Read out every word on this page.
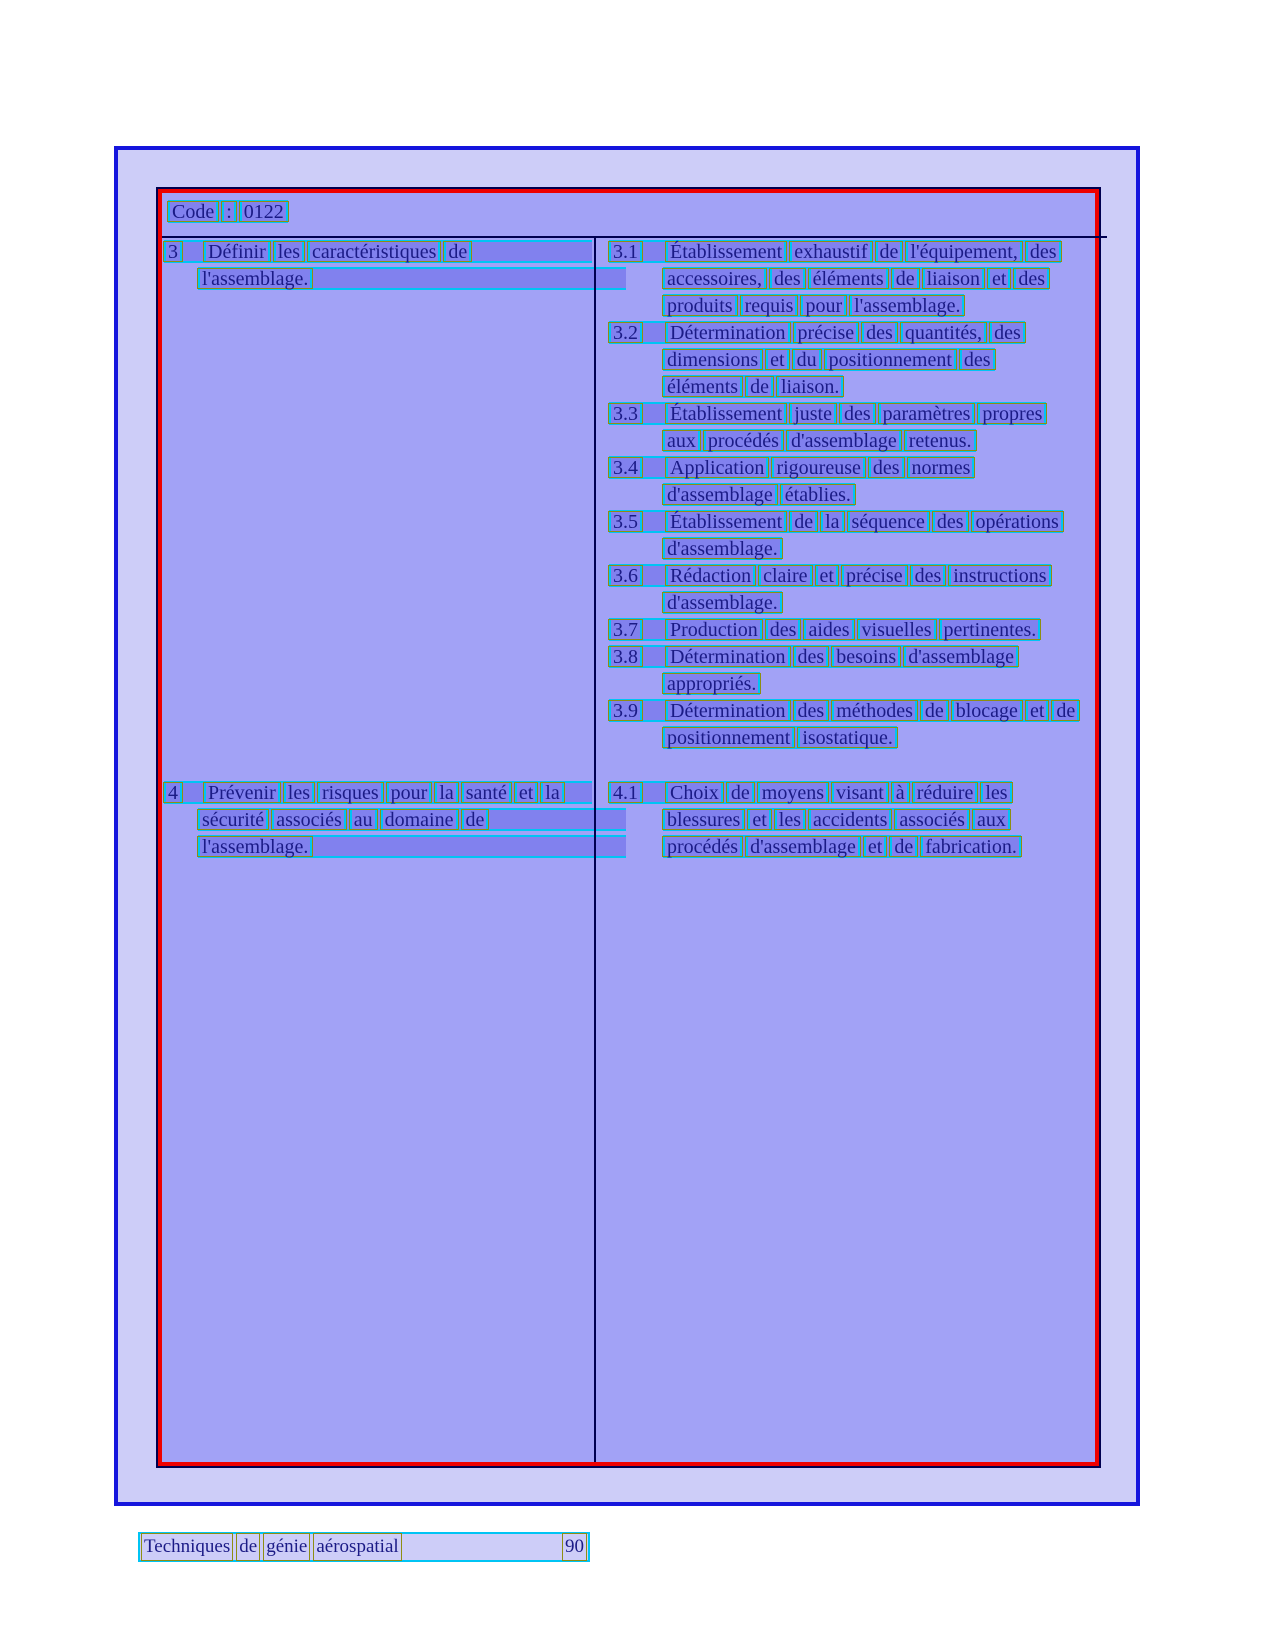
Code : 0122
3 Définir les caractéristiques de
l'assemblage.
3.1 Établissement exhaustif de l'équipement, des
accessoires, des éléments de liaison et des
produits requis pour l'assemblage.
3.2 Détermination précise des quantités, des
dimensions et du positionnement des
éléments de liaison.
3.3 Établissement juste des paramètres propres
aux procédés d'assemblage retenus.
3.4 Application rigoureuse des normes
d'assemblage établies.
3.5 Établissement de la séquence des opérations
d'assemblage.
3.6 Rédaction claire et précise des instructions
d'assemblage.
3.7 Production des aides visuelles pertinentes.
3.8 Détermination des besoins d'assemblage
appropriés.
3.9 Détermination des méthodes de blocage et de
positionnement isostatique.
4 Prévenir les risques pour la santé et la
sécurité associés au domaine de
l'assemblage.
4.1 Choix de moyens visant à réduire les
blessures et les accidents associés aux
procédés d'assemblage et de fabrication.
Techniques de génie aérospatial	90
